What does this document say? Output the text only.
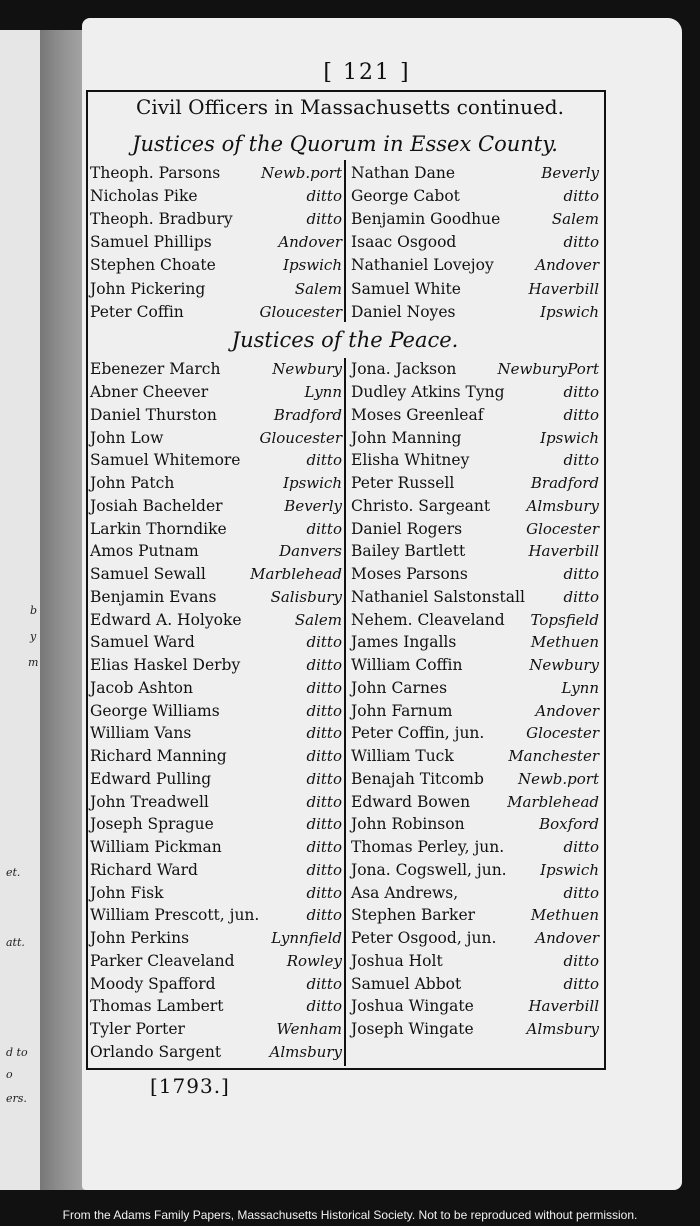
b
y
m
et.
att.
d to
o
ers.
[ 121 ]
Civil Officers in Massachusetts continued.
Justices of the Quorum in Essex County.
Theoph. Parsons	Newb.port Nathan Dane	Beverly
Nicholas Pike	ditto George Cabot	ditto
Theoph. Bradbury	ditto Benjamin Goodhue	Salem
Samuel Phillips	Andover Isaac Osgood	ditto
Stephen Choate	Ipswich Nathaniel Lovejoy	Andover
John Pickering	Salem Samuel White	Haverbill
Peter Coffin	Gloucester Daniel Noyes	Ipswich
Justices of the Peace.
Ebenezer March	Newbury Jona. Jackson	NewburyPort
Abner Cheever	Lynn Dudley Atkins Tyng	ditto
Daniel Thurston	Bradford Moses Greenleaf	ditto
John Low	Gloucester John Manning	Ipswich
Samuel Whitemore	ditto Elisha Whitney	ditto
John Patch	Ipswich Peter Russell	Bradford
Josiah Bachelder	Beverly Christo. Sargeant Almsbury
Larkin Thorndike	ditto Daniel Rogers	Glocester
Amos Putnam	Danvers Bailey Bartlett	Haverbill
Samuel Sewall	Marblehead Moses Parsons	ditto
Benjamin Evans	Salisbury Nathaniel Salstonstall	ditto
Edward A. Holyoke	Salem Nehem. Cleaveland Topsfield
Samuel Ward	ditto James Ingalls	Methuen
Elias Haskel Derby	ditto William Coffin	Newbury
Jacob Ashton	ditto John Carnes	Lynn
George Williams	ditto John Farnum	Andover
William Vans	ditto Peter Coffin, jun.	Glocester
Richard Manning	ditto William Tuck	Manchester
Edward Pulling	ditto Benajah Titcomb Newb.port
John Treadwell	ditto Edward Bowen Marblehead
Joseph Sprague	ditto John Robinson	Boxford
William Pickman	ditto Thomas Perley, jun.	ditto
Richard Ward	ditto Jona. Cogswell, jun. Ipswich
John Fisk	ditto Asa Andrews,	ditto
William Prescott, jun.	ditto Stephen Barker	Methuen
John Perkins	Lynnfield Peter Osgood, jun.	Andover
Parker Cleaveland	Rowley Joshua Holt	ditto
Moody Spafford	ditto Samuel Abbot	ditto
Thomas Lambert	ditto Joshua Wingate	Haverbill
Tyler Porter	Wenham Joseph Wingate	Almsbury
Orlando Sargent	Almsbury
[1793.]
From the Adams Family Papers, Massachusetts Historical Society. Not to be reproduced without permission.
